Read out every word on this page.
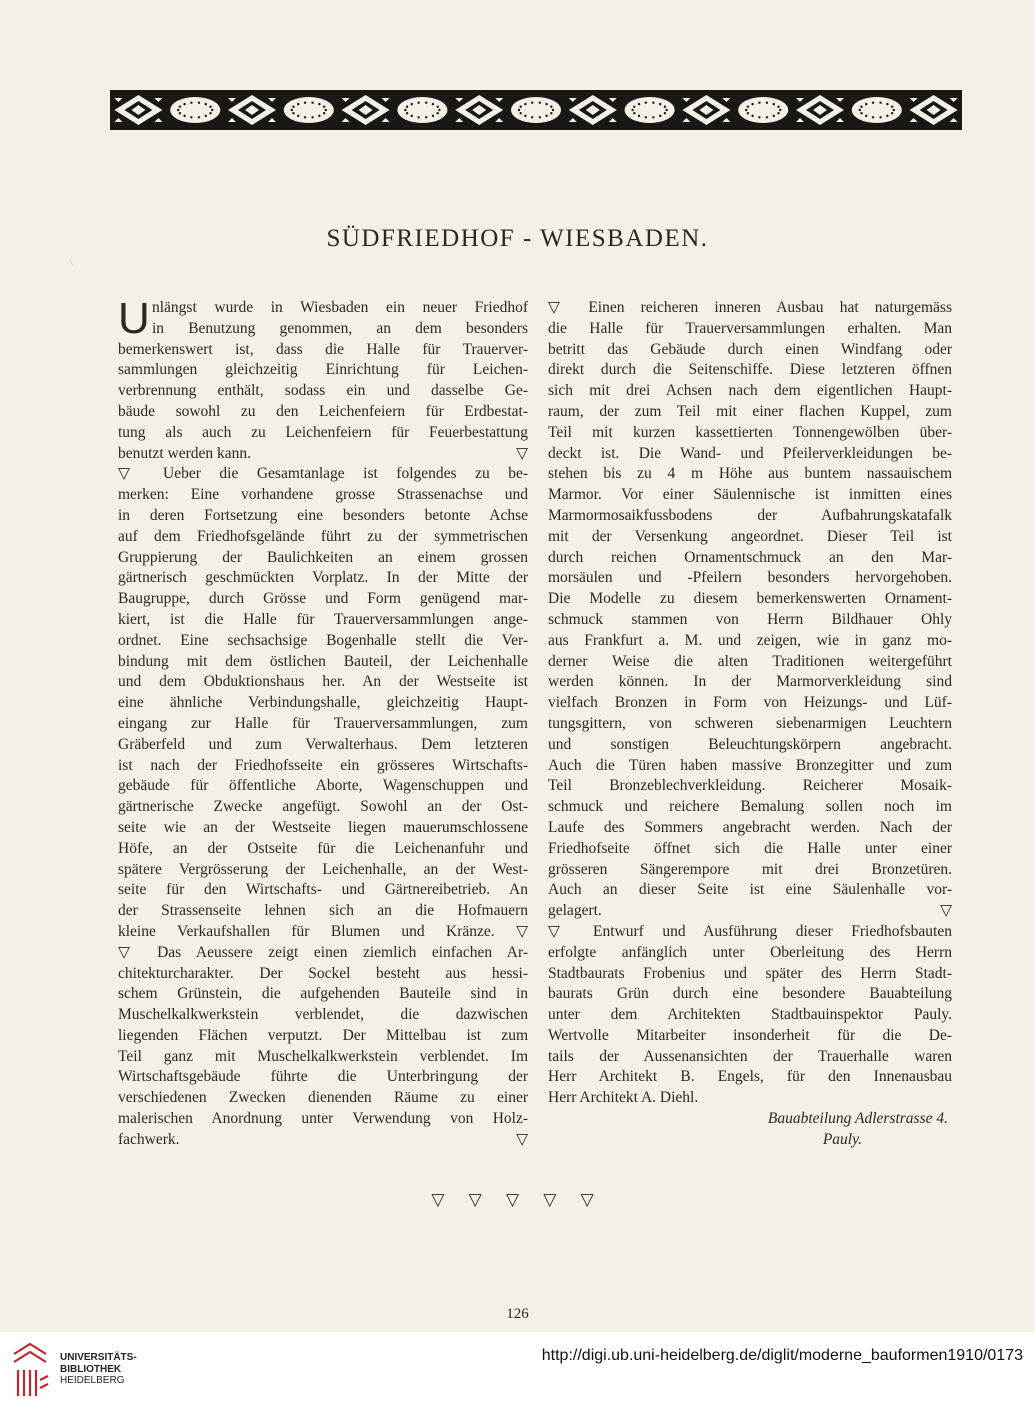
SÜDFRIEDHOF - WIESBADEN.
\
U nlängst wurde in Wiesbaden ein neuer Friedhof
in Benutzung genommen, an dem besonders
bemerkenswert ist, dass die Halle für Trauerver-
sammlungen gleichzeitig Einrichtung für Leichen-
verbrennung enthält, sodass ein und dasselbe Ge-
bäude sowohl zu den Leichenfeiern für Erdbestat-
tung als auch zu Leichenfeiern für Feuerbestattung
benutzt werden kann.	▽
▽ Ueber die Gesamtanlage ist folgendes zu be-
merken: Eine vorhandene grosse Strassenachse und
in deren Fortsetzung eine besonders betonte Achse
auf dem Friedhofsgelände führt zu der symmetrischen
Gruppierung der Baulichkeiten an einem grossen
gärtnerisch geschmückten Vorplatz. In der Mitte der
Baugruppe, durch Grösse und Form genügend mar-
kiert, ist die Halle für Trauerversammlungen ange-
ordnet. Eine sechsachsige Bogenhalle stellt die Ver-
bindung mit dem östlichen Bauteil, der Leichenhalle
und dem Obduktionshaus her. An der Westseite ist
eine ähnliche Verbindungshalle, gleichzeitig Haupt-
eingang zur Halle für Trauerversammlungen, zum
Gräberfeld und zum Verwalterhaus. Dem letzteren
ist nach der Friedhofsseite ein grösseres Wirtschafts-
gebäude für öffentliche Aborte, Wagenschuppen und
gärtnerische Zwecke angefügt. Sowohl an der Ost-
seite wie an der Westseite liegen mauerumschlossene
Höfe, an der Ostseite für die Leichenanfuhr und
spätere Vergrösserung der Leichenhalle, an der West-
seite für den Wirtschafts- und Gärtnereibetrieb. An
der Strassenseite lehnen sich an die Hofmauern
kleine Verkaufshallen für Blumen und Kränze. ▽
▽ Das Aeussere zeigt einen ziemlich einfachen Ar-
chitekturcharakter. Der Sockel besteht aus hessi-
schem Grünstein, die aufgehenden Bauteile sind in
Muschelkalkwerkstein verblendet, die dazwischen
liegenden Flächen verputzt. Der Mittelbau ist zum
Teil ganz mit Muschelkalkwerkstein verblendet. Im
Wirtschaftsgebäude führte die Unterbringung der
verschiedenen Zwecken dienenden Räume zu einer
malerischen Anordnung unter Verwendung von Holz-
fachwerk.	▽
▽ Einen reicheren inneren Ausbau hat naturgemäss
die Halle für Trauerversammlungen erhalten. Man
betritt das Gebäude durch einen Windfang oder
direkt durch die Seitenschiffe. Diese letzteren öffnen
sich mit drei Achsen nach dem eigentlichen Haupt-
raum, der zum Teil mit einer flachen Kuppel, zum
Teil mit kurzen kassettierten Tonnengewölben über-
deckt ist. Die Wand- und Pfeilerverkleidungen be-
stehen bis zu 4 m Höhe aus buntem nassauischem
Marmor. Vor einer Säulennische ist inmitten eines
Marmormosaikfussbodens der Aufbahrungskatafalk
mit der Versenkung angeordnet. Dieser Teil ist
durch reichen Ornamentschmuck an den Mar-
morsäulen und -Pfeilern besonders hervorgehoben.
Die Modelle zu diesem bemerkenswerten Ornament-
schmuck stammen von Herrn Bildhauer Ohly
aus Frankfurt a. M. und zeigen, wie in ganz mo-
derner Weise die alten Traditionen weitergeführt
werden können. In der Marmorverkleidung sind
vielfach Bronzen in Form von Heizungs- und Lüf-
tungsgittern, von schweren siebenarmigen Leuchtern
und sonstigen Beleuchtungskörpern angebracht.
Auch die Türen haben massive Bronzegitter und zum
Teil Bronzeblechverkleidung. Reicherer Mosaik-
schmuck und reichere Bemalung sollen noch im
Laufe des Sommers angebracht werden. Nach der
Friedhofseite öffnet sich die Halle unter einer
grösseren Sängerempore mit drei Bronzetüren.
Auch an dieser Seite ist eine Säulenhalle vor-
gelagert.	▽
▽ Entwurf und Ausführung dieser Friedhofsbauten
erfolgte anfänglich unter Oberleitung des Herrn
Stadtbaurats Frobenius und später des Herrn Stadt-
baurats Grün durch eine besondere Bauabteilung
unter dem Architekten Stadtbauinspektor Pauly.
Wertvolle Mitarbeiter insonderheit für die De-
tails der Aussenansichten der Trauerhalle waren
Herr Architekt B. Engels, für den Innenausbau
Herr Architekt A. Diehl.
Bauabteilung Adlerstrasse 4.
Pauly.
▽ ▽ ▽ ▽ ▽
126
UNIVERSITÄTS-
BIBLIOTHEK
HEIDELBERG
http://digi.ub.uni-heidelberg.de/diglit/moderne_bauformen1910/0173
